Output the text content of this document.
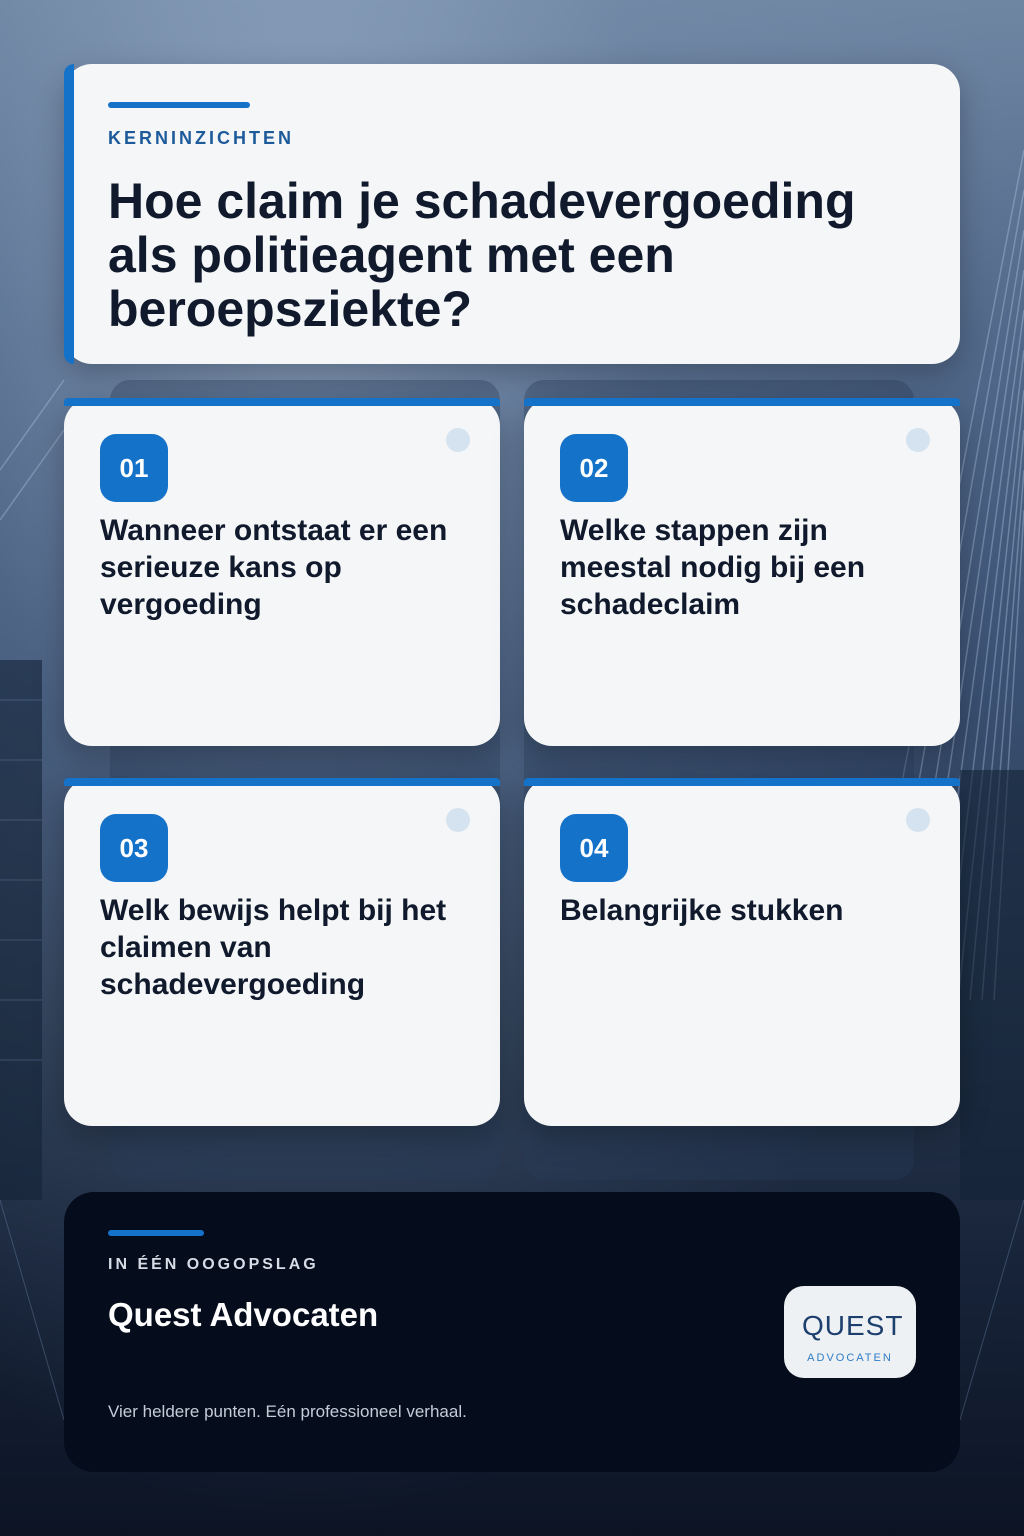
KERNINZICHTEN
Hoe claim je schadevergoeding als politieagent met een beroepsziekte?
01
Wanneer ontstaat er een serieuze kans op vergoeding
02
Welke stappen zijn meestal nodig bij een schadeclaim
03
Welk bewijs helpt bij het claimen van schadevergoeding
04
Belangrijke stukken
IN ÉÉN OOGOPSLAG
Quest Advocaten
Vier heldere punten. Eén professioneel verhaal.
QUEST
ADVOCATEN
